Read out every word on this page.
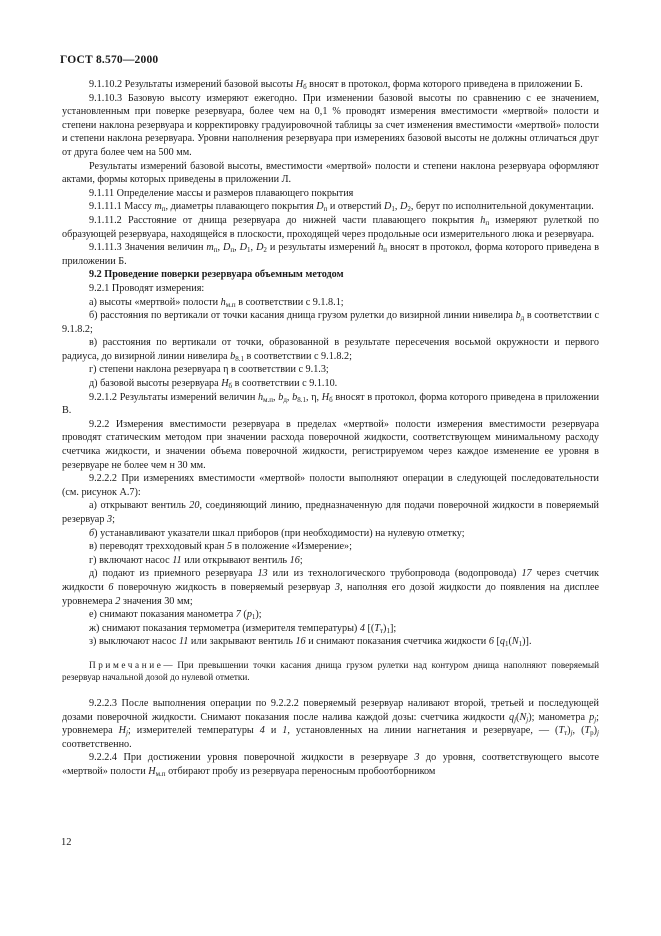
ГОСТ 8.570—2000

9.1.10.2 Результаты измерений базовой высоты $Н_б$ вносят в протокол, форма которого приведена в приложении Б.

9.1.10.3 Базовую высоту измеряют ежегодно. При изменении базовой высоты по сравнению с ее значением, установленным при поверке резервуара, более чем на 0,1 % проводят измерения вместимости «мертвой» полости и степени наклона резервуара и корректировку градуировочной таблицы за счет изменения вместимости «мертвой» полости и степени наклона резервуара. Уровни наполнения резервуара при измерениях базовой высоты не должны отличаться друг от друга более чем на 500 мм.

Результаты измерений базовой высоты, вместимости «мертвой» полости и степени наклона резервуара оформляют актами, формы которых приведены в приложении Л.

9.1.11 Определение массы и размеров плавающего покрытия

9.1.11.1 Массу $т_п$, диаметры плавающего покрытия $D_п$ и отверстий $D_1$, $D_2$, берут по исполнительной документации.

9.1.11.2 Расстояние от днища резервуара до нижней части плавающего покрытия $h_п$ измеряют рулеткой по образующей резервуара, находящейся в плоскости, проходящей через продольные оси измерительного люка и резервуара.

9.1.11.3 Значения величин $т_п$, $D_п$, $D_1$, $D_2$ и результаты измерений $h_п$ вносят в протокол, форма которого приведена в приложении Б.

9.2 Проведение поверки резервуара объемным методом

9.2.1 Проводят измерения:

а) высоты «мертвой» полости $h_{м.п}$ в соответствии с 9.1.8.1;

б) расстояния по вертикали от точки касания днища грузом рулетки до визирной линии нивелира $b_д$ в соответствии с 9.1.8.2;

в) расстояния по вертикали от точки, образованной в результате пересечения восьмой окружности и первого радиуса, до визирной линии нивелира $b_{8.1}$ в соответствии с 9.1.8.2;

г) степени наклона резервуара η в соответствии с 9.1.3;

д) базовой высоты резервуара $Н_б$ в соответствии с 9.1.10.

9.2.1.2 Результаты измерений величин $h_{м.п}$, $b_д$, $b_{8.1}$, η, $Н_б$ вносят в протокол, форма которого приведена в приложении В.

9.2.2 Измерения вместимости резервуара в пределах «мертвой» полости измерения вместимости резервуара проводят статическим методом при значении расхода поверочной жидкости, соответствующем минимальному расходу счетчика жидкости, и значении объема поверочной жидкости, регистрируемом через каждое изменение ее уровня в резервуаре не более чем н 30 мм.

9.2.2.2 При измерениях вместимости «мертвой» полости выполняют операции в следующей последовательности (см. рисунок А.7):

а) открывают вентиль 20, соединяющий линию, предназначенную для подачи поверочной жидкости в поверяемый резервуар 3;

б) устанавливают указатели шкал приборов (при необходимости) на нулевую отметку;

в) переводят трехходовый кран 5 в положение «Измерение»;

г) включают насос 11 или открывают вентиль 16;

д) подают из приемного резервуара 13 или из технологического трубопровода (водопровода) 17 через счетчик жидкости 6 поверочную жидкость в поверяемый резервуар 3, наполняя его дозой жидкости до появления на дисплее уровнемера 2 значения 30 мм;

е) снимают показания манометра 7 $(p_1)$;

ж) снимают показания термометра (измерителя температуры) 4 $[(Т_т)_1]$;

з) выключают насос 11 или закрывают вентиль 16 и снимают показания счетчика жидкости 6 $[q_1(N_1)]$.

Примечание— При превышении точки касания днища грузом рулетки над контуром днища наполняют поверяемый резервуар начальной дозой до нулевой отметки.

9.2.2.3 После выполнения операции по 9.2.2.2 поверяемый резервуар наливают второй, третьей и последующей дозами поверочной жидкости. Снимают показания после налива каждой дозы: счетчика жидкости $q_j(N_j)$; манометра $p_j$; уровнемера $H_j$; измерителей температуры 4 и 1, установленных на линии нагнетания и резервуаре, — $(Т_т)_j$, $(Т_р)_j$ соответственно.

9.2.2.4 При достижении уровня поверочной жидкости в резервуаре 3 до уровня, соответствующего высоте «мертвой» полости $Н_{м.п}$ отбирают пробу из резервуара переносным пробоотборником

12
